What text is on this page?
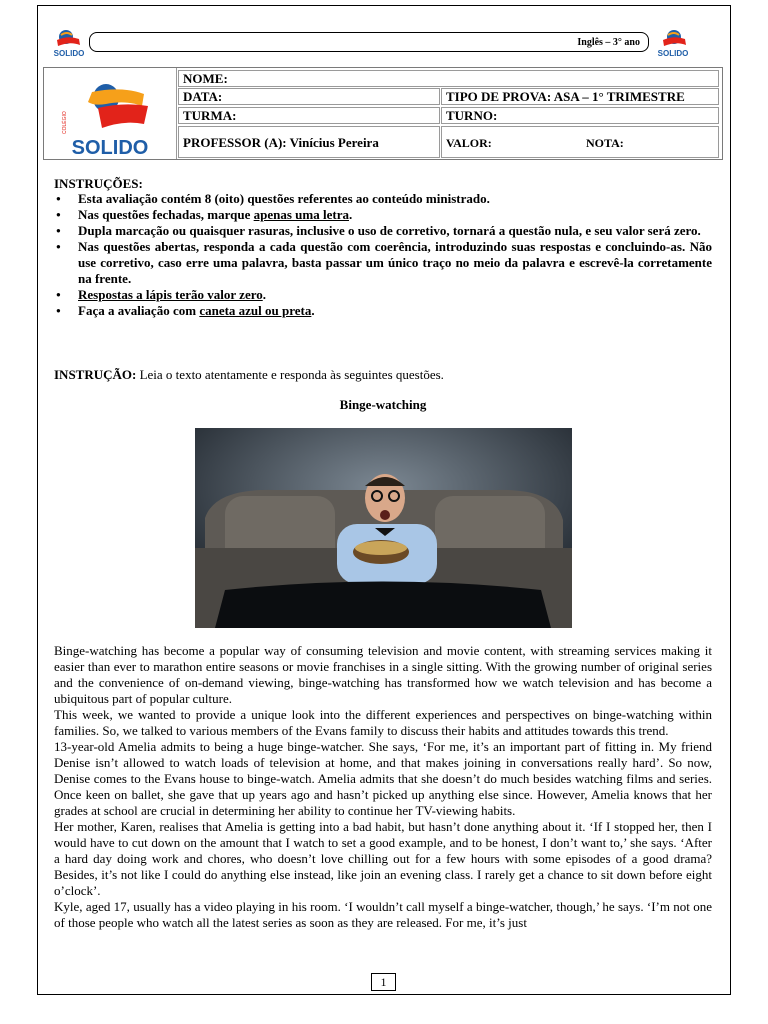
SOLIDO	SOLIDO
Inglês – 3° ano
COLÉGIO
SOLIDO
NOME:
DATA:	TIPO DE PROVA: ASA – 1° TRIMESTRE
TURMA:	TURNO:
PROFESSOR (A): Vinícius Pereira	VALOR:	NOTA:
INSTRUÇÕES:
● Esta avaliação contém 8 (oito) questões referentes ao conteúdo ministrado.
● Nas questões fechadas, marque apenas uma letra.
● Dupla marcação ou quaisquer rasuras, inclusive o uso de corretivo, tornará a questão nula, e seu valor será zero.
● Nas questões abertas, responda a cada questão com coerência, introduzindo suas respostas e concluindo-as. Não use corretivo, caso erre uma palavra, basta passar um único traço no meio da palavra e escrevê-la corretamente na frente.
● Respostas a lápis terão valor zero.
● Faça a avaliação com caneta azul ou preta.
INSTRUÇÃO: Leia o texto atentamente e responda às seguintes questões.
Binge-watching

Binge-watching has become a popular way of consuming television and movie content, with streaming services making it easier than ever to marathon entire seasons or movie franchises in a single sitting. With the growing number of original series and the convenience of on-demand viewing, binge-watching has transformed how we watch television and has become a ubiquitous part of popular culture.

This week, we wanted to provide a unique look into the different experiences and perspectives on binge-watching within families. So, we talked to various members of the Evans family to discuss their habits and attitudes towards this trend.

13-year-old Amelia admits to being a huge binge-watcher. She says, ‘For me, it’s an important part of fitting in. My friend Denise isn’t allowed to watch loads of television at home, and that makes joining in conversations really hard’. So now, Denise comes to the Evans house to binge-watch. Amelia admits that she doesn’t do much besides watching films and series. Once keen on ballet, she gave that up years ago and hasn’t picked up anything else since. However, Amelia knows that her grades at school are crucial in determining her ability to continue her TV-viewing habits.

Her mother, Karen, realises that Amelia is getting into a bad habit, but hasn’t done anything about it. ‘If I stopped her, then I would have to cut down on the amount that I watch to set a good example, and to be honest, I don’t want to,’ she says. ‘After a hard day doing work and chores, who doesn’t love chilling out for a few hours with some episodes of a good drama? Besides, it’s not like I could do anything else instead, like join an evening class. I rarely get a chance to sit down before eight o’clock’.

Kyle, aged 17, usually has a video playing in his room. ‘I wouldn’t call myself a binge-watcher, though,’ he says. ‘I’m not one of those people who watch all the latest series as soon as they are released. For me, it’s just

1
